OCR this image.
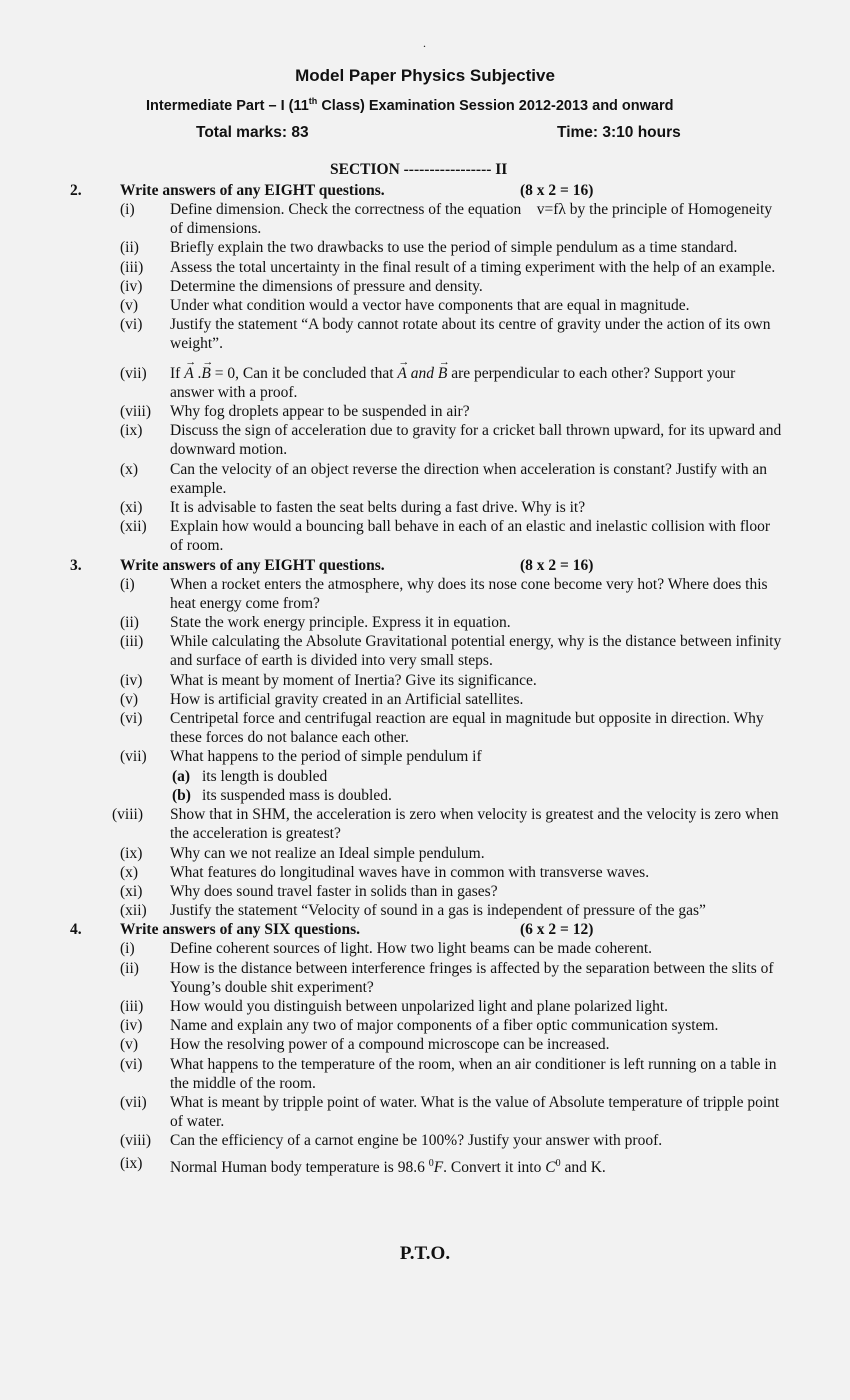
.
Model Paper Physics Subjective
Intermediate Part – I (11th Class) Examination Session 2012-2013 and onward
Total marks: 83	Time: 3:10 hours
SECTION ----------------- II
2. Write answers of any EIGHT questions.	(8 x 2 = 16)
(i) Define dimension. Check the correctness of the equation v=fλ by the principle of Homogeneity of dimensions.
(ii) Briefly explain the two drawbacks to use the period of simple pendulum as a time standard.
(iii) Assess the total uncertainty in the final result of a timing experiment with the help of an example.
(iv) Determine the dimensions of pressure and density.
(v) Under what condition would a vector have components that are equal in magnitude.
(vi) Justify the statement “A body cannot rotate about its centre of gravity under the action of its own weight”.
(vii) If → A .→ B = 0, Can it be concluded that → A and → B are perpendicular to each other? Support your answer with a proof.
(viii) Why fog droplets appear to be suspended in air?
(ix) Discuss the sign of acceleration due to gravity for a cricket ball thrown upward, for its upward and downward motion.
(x) Can the velocity of an object reverse the direction when acceleration is constant? Justify with an example.
(xi) It is advisable to fasten the seat belts during a fast drive. Why is it?
(xii) Explain how would a bouncing ball behave in each of an elastic and inelastic collision with floor of room.
3. Write answers of any EIGHT questions.	(8 x 2 = 16)
(i) When a rocket enters the atmosphere, why does its nose cone become very hot? Where does this heat energy come from?
(ii) State the work energy principle. Express it in equation.
(iii) While calculating the Absolute Gravitational potential energy, why is the distance between infinity and surface of earth is divided into very small steps.
(iv) What is meant by moment of Inertia? Give its significance.
(v) How is artificial gravity created in an Artificial satellites.
(vi) Centripetal force and centrifugal reaction are equal in magnitude but opposite in direction. Why these forces do not balance each other.
(vii) What happens to the period of simple pendulum if
(a) its length is doubled
(b) its suspended mass is doubled.
(viii) Show that in SHM, the acceleration is zero when velocity is greatest and the velocity is zero when the acceleration is greatest?
(ix) Why can we not realize an Ideal simple pendulum.
(x) What features do longitudinal waves have in common with transverse waves.
(xi) Why does sound travel faster in solids than in gases?
(xii) Justify the statement “Velocity of sound in a gas is independent of pressure of the gas”
4. Write answers of any SIX questions.	(6 x 2 = 12)
(i) Define coherent sources of light. How two light beams can be made coherent.
(ii) How is the distance between interference fringes is affected by the separation between the slits of Young’s double shit experiment?
(iii) How would you distinguish between unpolarized light and plane polarized light.
(iv) Name and explain any two of major components of a fiber optic communication system.
(v) How the resolving power of a compound microscope can be increased.
(vi) What happens to the temperature of the room, when an air conditioner is left running on a table in the middle of the room.
(vii) What is meant by tripple point of water. What is the value of Absolute temperature of tripple point of water.
(viii) Can the efficiency of a carnot engine be 100%? Justify your answer with proof.
(ix) Normal Human body temperature is 98.6 $^0$F. Convert it into $C^0$ and K.
P.T.O.
